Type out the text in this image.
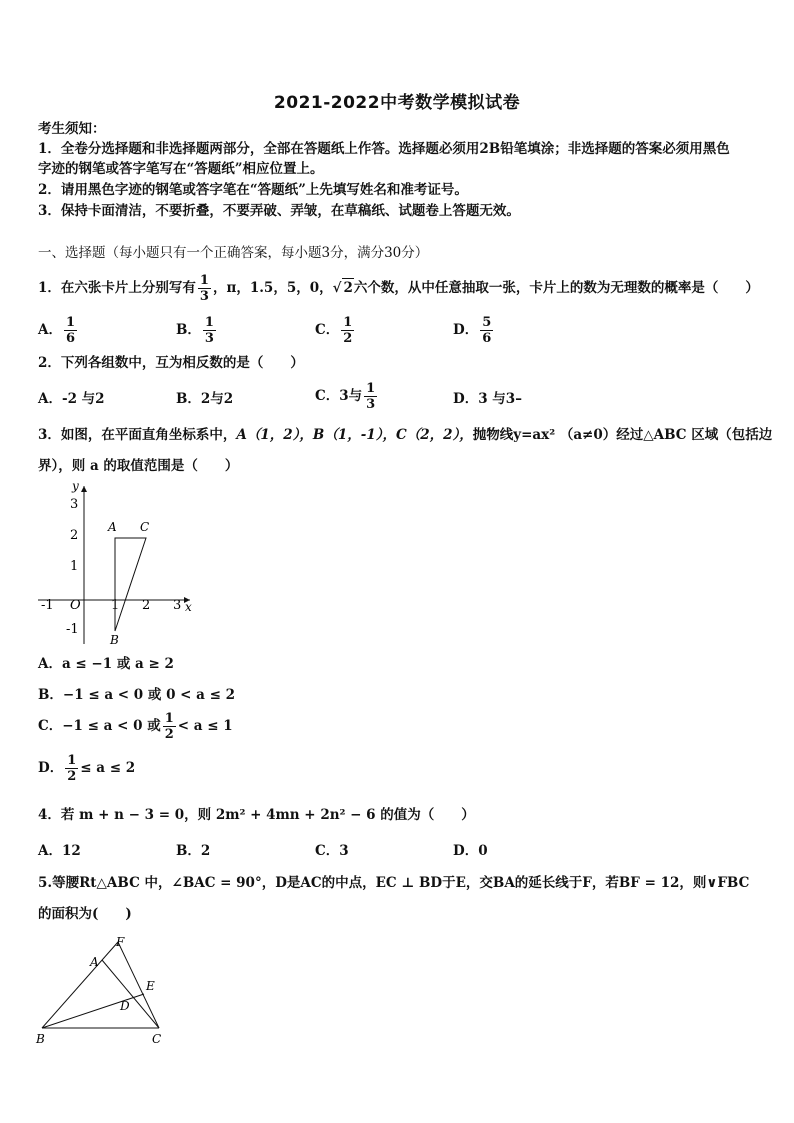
2021-2022中考数学模拟试卷
考生须知：
1．全卷分选择题和非选择题两部分，全部在答题纸上作答。选择题必须用2B铅笔填涂；非选择题的答案必须用黑色
字迹的钢笔或答字笔写在“答题纸”相应位置上。
2．请用黑色字迹的钢笔或答字笔在“答题纸”上先填写姓名和准考证号。
3．保持卡面清洁，不要折叠，不要弄破、弄皱，在草稿纸、试题卷上答题无效。
一、选择题（每小题只有一个正确答案，每小题3分，满分30分）
1．在六张卡片上分别写有 $\frac{1}{3}$ ，π，1.5，5，0，√ 2六个数，从中任意抽取一张，卡片上的数为无理数的概率是（　　）
A． $\frac{1}{6}$	B． $\frac{1}{3}$	C． $\frac{1}{2}$	D． $\frac{5}{6}$
2．下列各组数中，互为相反数的是（　　）
A．-2 与2	B．2与2	C．3与 $\frac{1}{3}$	D．3 与3–
3．如图，在平面直角坐标系中，A（1，2），B（1，-1），C（2，2），抛物线y=ax² （a≠0）经过△ABC 区域（包括边
界），则 a 的取值范围是（　　）
y
x
O
-1	1 2 3
3
2
1
-1
A C
B
A．a ≤ −1 或 a ≥ 2
B．−1 ≤ a < 0 或 0 < a ≤ 2
C．−1 ≤ a < 0 或 $\frac{1}{2} < a \le 1$
D． $\frac{1}{2} \le a \le 2$
4．若 m + n − 3 = 0，则 2m² + 4mn + 2n² − 6 的值为（　　）
A．12	B．2	C．3	D．0
5.等腰Rt△ABC 中，∠BAC = 90°，D是AC的中点，EC ⊥ BD于E，交BA的延长线于F，若BF = 12，则∨FBC
的面积为(　　)
F
A
E
D
B	C
